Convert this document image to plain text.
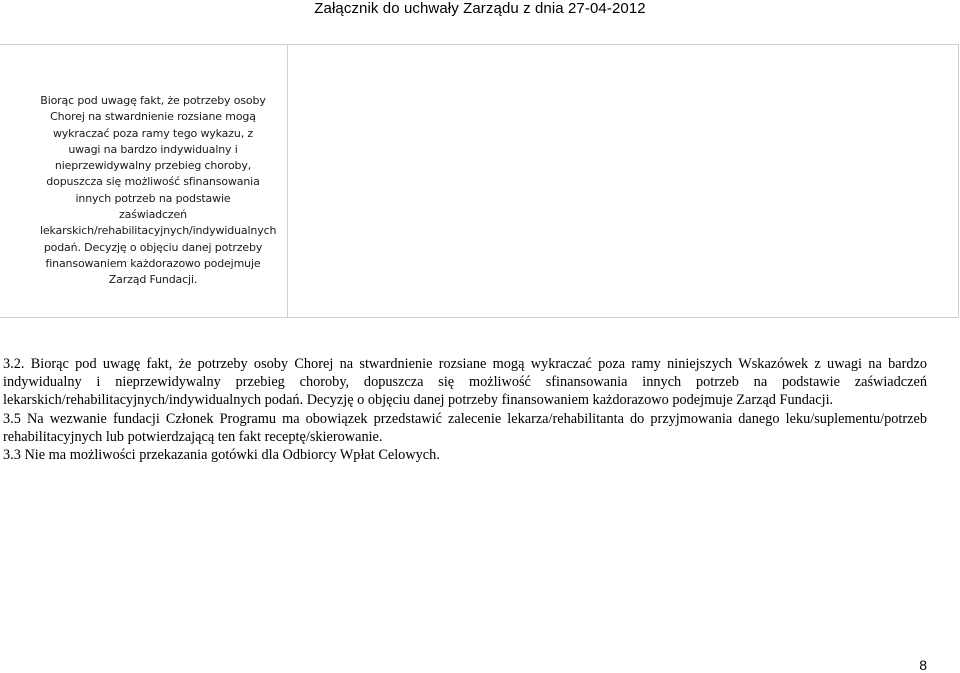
Załącznik do uchwały Zarządu z dnia 27-04-2012
Biorąc pod uwagę fakt, że potrzeby osoby Chorej na stwardnienie rozsiane mogą wykraczać poza ramy tego wykazu, z uwagi na bardzo indywidualny i nieprzewidywalny przebieg choroby, dopuszcza się możliwość sfinansowania innych potrzeb na podstawie zaświadczeń lekarskich/rehabilitacyjnych/indywidualnych podań. Decyzję o objęciu danej potrzeby finansowaniem każdorazowo podejmuje Zarząd Fundacji.

3.2. Biorąc pod uwagę fakt, że potrzeby osoby Chorej na stwardnienie rozsiane mogą wykraczać poza ramy niniejszych Wskazówek z uwagi na bardzo indywidualny i nieprzewidywalny przebieg choroby, dopuszcza się możliwość sfinansowania innych potrzeb na podstawie zaświadczeń lekarskich/rehabilitacyjnych/indywidualnych podań. Decyzję o objęciu danej potrzeby finansowaniem każdorazowo podejmuje Zarząd Fundacji.

3.5 Na wezwanie fundacji Członek Programu ma obowiązek przedstawić zalecenie lekarza/rehabilitanta do przyjmowania danego leku/suplementu/potrzeb rehabilitacyjnych lub potwierdzającą ten fakt receptę/skierowanie.

3.3 Nie ma możliwości przekazania gotówki dla Odbiorcy Wpłat Celowych.

8
